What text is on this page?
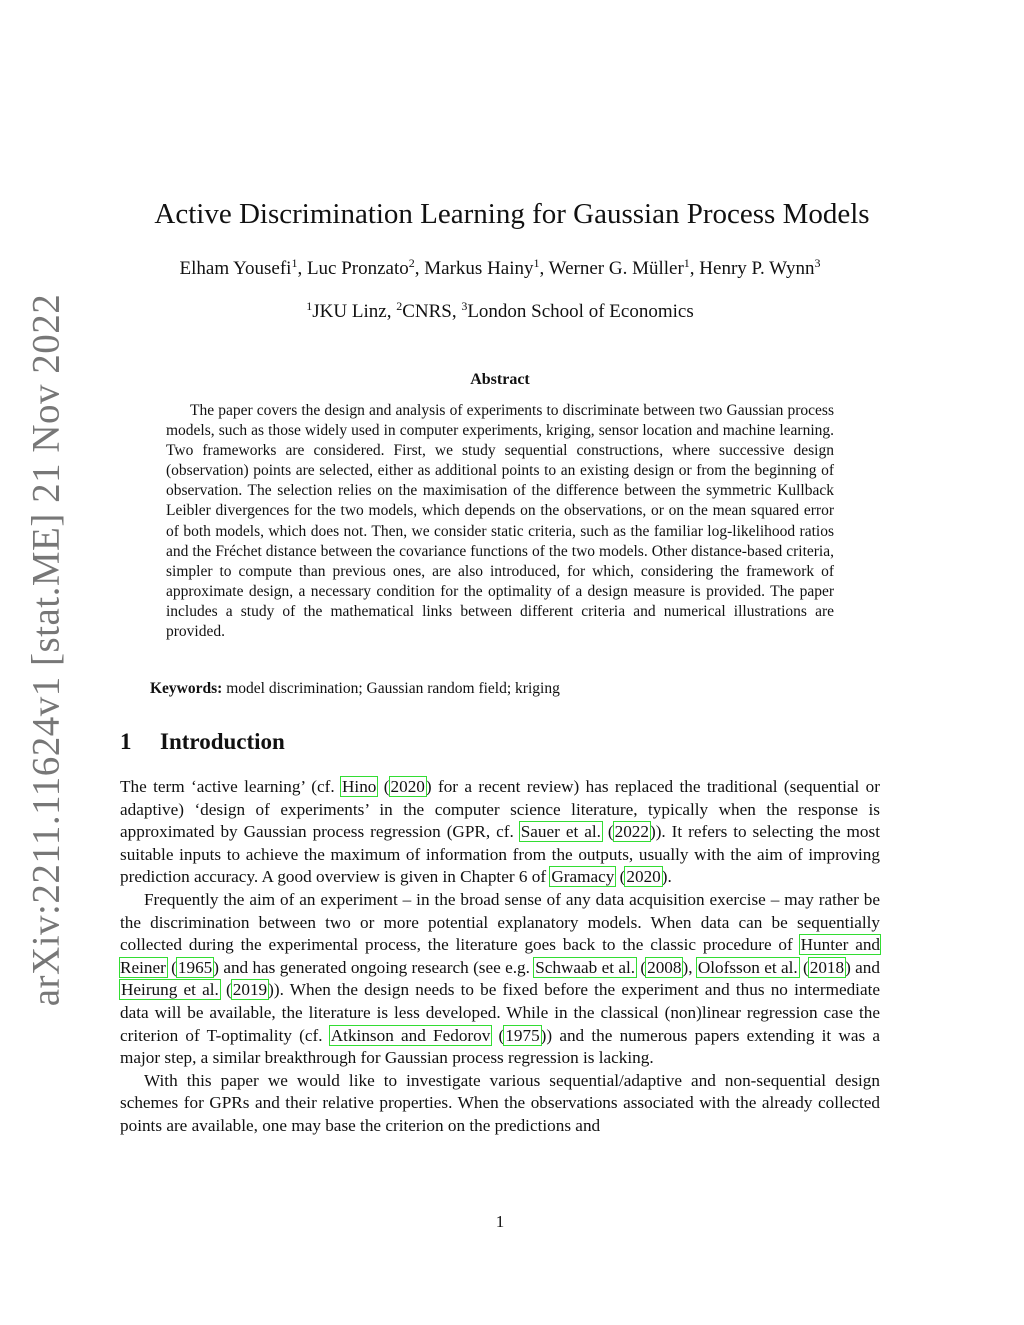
arXiv:2211.11624v1 [stat.ME] 21 Nov 2022
Active Discrimination Learning for Gaussian Process Models
Elham Yousefi$^1$, Luc Pronzato$^2$, Markus Hainy$^1$, Werner G. Müller$^1$, Henry P. Wynn$^3$
$^1$JKU Linz, $^2$CNRS, $^3$London School of Economics
Abstract

The paper covers the design and analysis of experiments to discriminate between two Gaussian process models, such as those widely used in computer experiments, kriging, sensor location and machine learning. Two frameworks are considered. First, we study sequential constructions, where successive design (observation) points are selected, either as additional points to an existing design or from the beginning of observation. The selection relies on the maximisation of the difference between the symmetric Kullback Leibler divergences for the two models, which depends on the observations, or on the mean squared error of both models, which does not. Then, we consider static criteria, such as the familiar log-likelihood ratios and the Fréchet distance between the covariance functions of the two models. Other distance-based criteria, simpler to compute than previous ones, are also introduced, for which, considering the framework of approximate design, a necessary condition for the optimality of a design measure is provided. The paper includes a study of the mathematical links between different criteria and numerical illustrations are provided.

Keywords: model discrimination; Gaussian random field; kriging
1 Introduction

The term ‘active learning’ (cf. Hino (2020) for a recent review) has replaced the traditional (sequential or adaptive) ‘design of experiments’ in the computer science literature, typically when the response is approximated by Gaussian process regression (GPR, cf. Sauer et al. (2022)). It refers to selecting the most suitable inputs to achieve the maximum of information from the outputs, usually with the aim of improving prediction accuracy. A good overview is given in Chapter 6 of Gramacy (2020).

Frequently the aim of an experiment – in the broad sense of any data acquisition exercise – may rather be the discrimination between two or more potential explanatory models. When data can be sequentially collected during the experimental process, the literature goes back to the classic procedure of Hunter and Reiner (1965) and has generated ongoing research (see e.g. Schwaab et al. (2008), Olofsson et al. (2018) and Heirung et al. (2019)). When the design needs to be fixed before the experiment and thus no intermediate data will be available, the literature is less developed. While in the classical (non)linear regression case the criterion of T-optimality (cf. Atkinson and Fedorov (1975)) and the numerous papers extending it was a major step, a similar breakthrough for Gaussian process regression is lacking.

With this paper we would like to investigate various sequential/adaptive and non-sequential design schemes for GPRs and their relative properties. When the observations associated with the already collected points are available, one may base the criterion on the predictions and

1
